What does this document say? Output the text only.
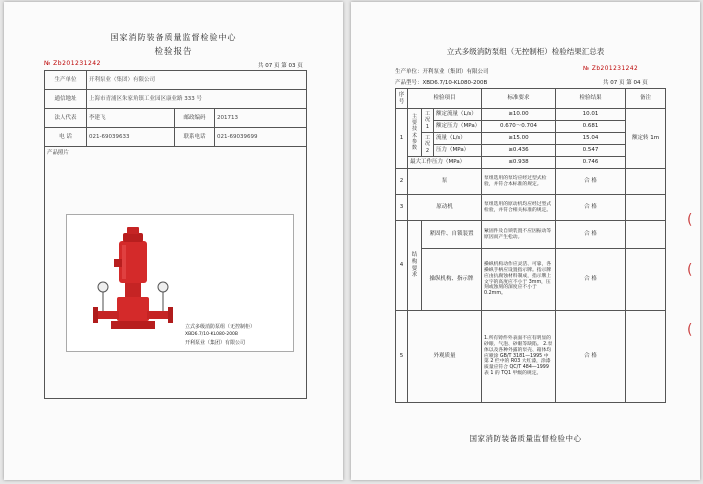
国家消防装备质量监督检验中心
检验报告
№ Zb201231242	共 07 页 第 03 页
生产单位	开利泵业（集团）有限公司		
通信地址	上海市青浦区朱家角镇工业园区康业路 333 号		
法人代表	李建飞	邮政编码	201713
电 话	021-69039633	联系电话	021-69039699
产品照片			
立式多级消防泵组（无控制柜）
XBD6.7/10-KL080-200B
开利泵业（集团）有限公司
立式多级消防泵组（无控制柜）检验结果汇总表
生产单位：开利泵业（集团）有限公司	№ Zb201231242
产品型号：XBD6.7/10-KL080-200B	共 07 页 第 04 页
序号	检验项目			标准要求	检验结果	备注
1	主要技术参数	工况 1	额定流量（L/s）	≥10.00	10.01	额定转 1m
			额定压力（MPa）	0.670～0.704	0.681	
		工况 2	流量（L/s）	≥15.00	15.04	
			压力（MPa）	≥0.436	0.547	
	最大工作压力（MPa）			≤0.938	0.746	
2	泵			泵组选用的泵均应经过型式检验，并符合本标准的规定。	合 格	
3	原动机			泵组选用的原动机均应经过型式检验，并符合相关标准的规定。	合 格	
4	结构要求	紧固件、自锁装置		紧固件及自锁装置不应因振动等原因而产生松动。	合 格	
		操纵机构、指示牌		操纵机构动作应灵活、可靠，各操纵手柄应设置指示牌。指示牌应由抗腐蚀材料制成，指示牌上文字的高度应不小于 3mm，压刻或蚀刻的深度应不小于 0.2mm。	合 格	
5	外观质量			1.所有铸件外表面不应有明显的砂眼、气泡、砂眼等缺陷。 2.泵体以及各种外露的泵壳、箱体均应喷涂 GB/T 3181—1995 中第 2 栏中的 R03 大红漆，涂漆质量应符合 QC/T 484—1999 表 1 的 TQ1 甲级的规定。	合 格	
国家消防装备质量监督检验中心
(
(
(
